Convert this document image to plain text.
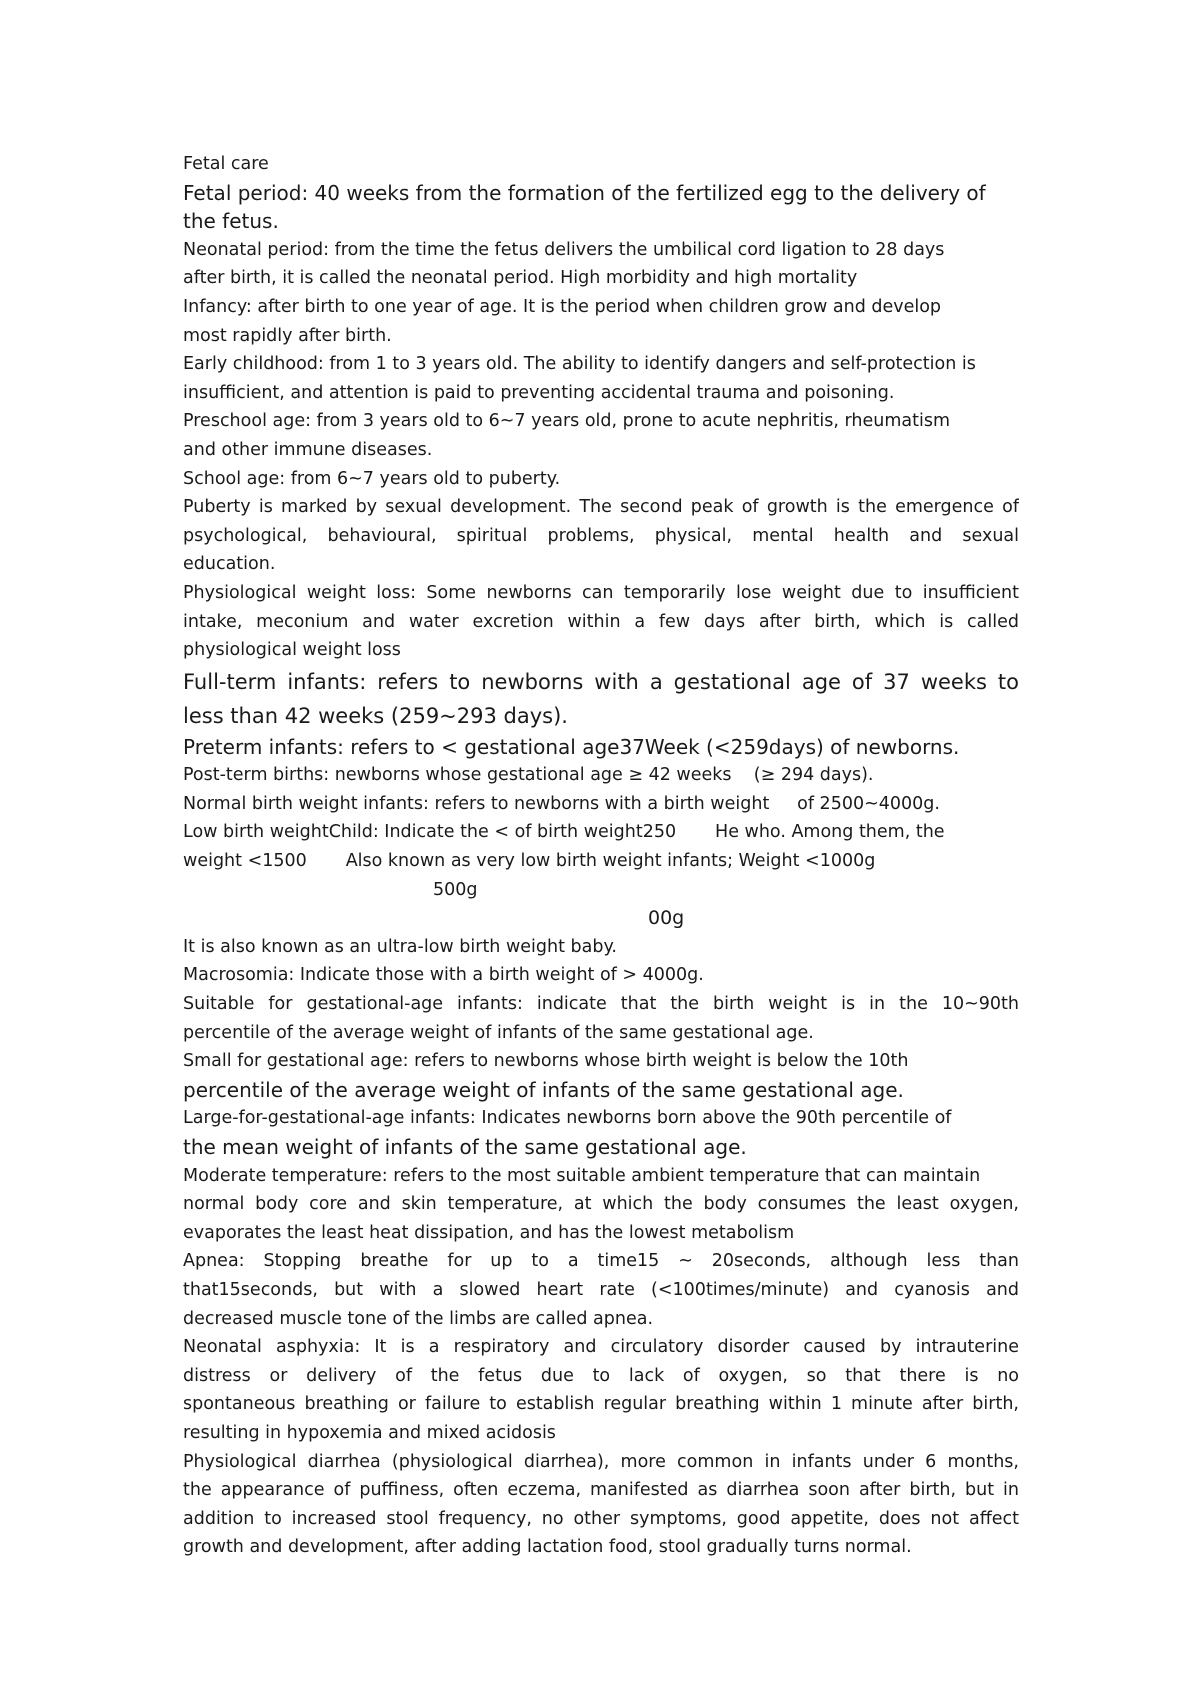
Fetal care

Fetal period: 40 weeks from the formation of the fertilized egg to the delivery of

the fetus.

Neonatal period: from the time the fetus delivers the umbilical cord ligation to 28 days

after birth, it is called the neonatal period. High morbidity and high mortality

Infancy: after birth to one year of age. It is the period when children grow and develop

most rapidly after birth.

Early childhood: from 1 to 3 years old. The ability to identify dangers and self-protection is

insufficient, and attention is paid to preventing accidental trauma and poisoning.

Preschool age: from 3 years old to 6~7 years old, prone to acute nephritis, rheumatism

and other immune diseases.

School age: from 6~7 years old to puberty.

Puberty is marked by sexual development. The second peak of growth is the emergence of

psychological, behavioural, spiritual problems, physical, mental health and sexual

education.

Physiological weight loss: Some newborns can temporarily lose weight due to insufficient

intake, meconium and water excretion within a few days after birth, which is called

physiological weight loss

Full-term infants: refers to newborns with a gestational age of 37 weeks to

less than 42 weeks (259~293 days).

Preterm infants: refers to < gestational age37Week (<259days) of newborns.

Post-term births: newborns whose gestational age ≥ 42 weeks    (≥ 294 days).

Normal birth weight infants: refers to newborns with a birth weight     of 2500~4000g.

Low birth weightChild: Indicate the < of birth weight250       He who. Among them, the

weight <1500       Also known as very low birth weight infants; Weight <1000g

500g

00g

It is also known as an ultra-low birth weight baby.

Macrosomia: Indicate those with a birth weight of > 4000g.

Suitable for gestational-age infants: indicate that the birth weight is in the 10~90th

percentile of the average weight of infants of the same gestational age.

Small for gestational age: refers to newborns whose birth weight is below the 10th

percentile of the average weight of infants of the same gestational age.

Large-for-gestational-age infants: Indicates newborns born above the 90th percentile of

the mean weight of infants of the same gestational age.

Moderate temperature: refers to the most suitable ambient temperature that can maintain

normal body core and skin temperature, at which the body consumes the least oxygen,

evaporates the least heat dissipation, and has the lowest metabolism

Apnea: Stopping breathe for up to a time15 ~ 20seconds, although less than

that15seconds, but with a slowed heart rate (<100times/minute) and cyanosis and

decreased muscle tone of the limbs are called apnea.

Neonatal asphyxia: It is a respiratory and circulatory disorder caused by intrauterine

distress or delivery of the fetus due to lack of oxygen, so that there is no

spontaneous breathing or failure to establish regular breathing within 1 minute after birth,

resulting in hypoxemia and mixed acidosis

Physiological diarrhea (physiological diarrhea), more common in infants under 6 months,

the appearance of puffiness, often eczema, manifested as diarrhea soon after birth, but in

addition to increased stool frequency, no other symptoms, good appetite, does not affect

growth and development, after adding lactation food, stool gradually turns normal.
